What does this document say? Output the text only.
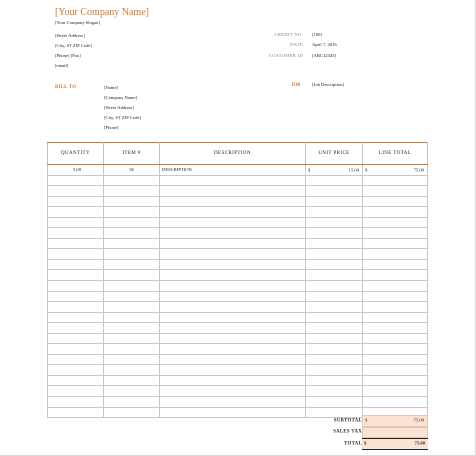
[Your Company Name]
[Your Company Slogan]
[Street Address]
[City, ST ZIP Code]
[Phone] [Fax]
[email]
CREDIT NO. [100]
DATE April 7, 2016
CUSTOMER ID [ABC12345]
BILL TO	[Name]
[Company Name]
[Street Address]
[City, ST ZIP Code]
[Phone]
JOB	[Job Description]
QUANTITY	ITEM #	DESCRIPTION	UNIT PRICE	LINE TOTAL
5.00	56	DESCRIPTION	$ 15.00	$ 75.00

SUBTOTAL $	75.00
SALES TAX
TOTAL $	75.00
